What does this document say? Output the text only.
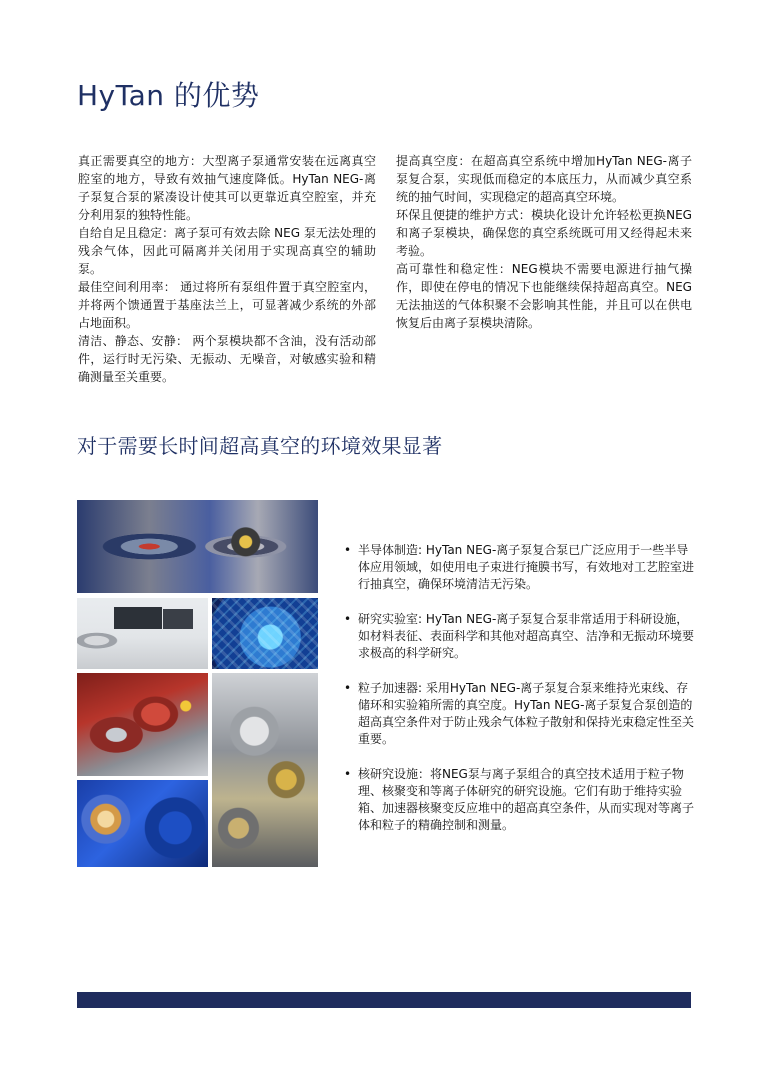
HyTan 的优势

真正需要真空的地方：大型离子泵通常安装在远离真空腔室的地方，导致有效抽气速度降低。HyTan NEG-离子泵复合泵的紧凑设计使其可以更靠近真空腔室，并充分利用泵的独特性能。

自给自足且稳定：离子泵可有效去除 NEG 泵无法处理的残余气体，因此可隔离并关闭用于实现高真空的辅助泵。

最佳空间利用率： 通过将所有泵组件置于真空腔室内，并将两个馈通置于基座法兰上，可显著减少系统的外部占地面积。

清洁、静态、安静： 两个泵模块都不含油，没有活动部件，运行时无污染、无振动、无噪音，对敏感实验和精确测量至关重要。

提高真空度：在超高真空系统中增加HyTan NEG-离子泵复合泵，实现低而稳定的本底压力，从而减少真空系统的抽气时间，实现稳定的超高真空环境。

环保且便捷的维护方式：模块化设计允许轻松更换NEG和离子泵模块，确保您的真空系统既可用又经得起未来考验。

高可靠性和稳定性：NEG模块不需要电源进行抽气操作，即使在停电的情况下也能继续保持超高真空。NEG无法抽送的气体积聚不会影响其性能，并且可以在供电恢复后由离子泵模块清除。

对于需要长时间超高真空的环境效果显著
• 半导体制造: HyTan NEG-离子泵复合泵已广泛应用于一些半导体应用领域，如使用电子束进行掩膜书写，有效地对工艺腔室进行抽真空，确保环境清洁无污染。
• 研究实验室: HyTan NEG-离子泵复合泵非常适用于科研设施，如材料表征、表面科学和其他对超高真空、洁净和无振动环境要求极高的科学研究。
• 粒子加速器: 采用HyTan NEG-离子泵复合泵来维持光束线、存储环和实验箱所需的真空度。HyTan NEG-离子泵复合泵创造的超高真空条件对于防止残余气体粒子散射和保持光束稳定性至关重要。
• 核研究设施：将NEG泵与离子泵组合的真空技术适用于粒子物理、核聚变和等离子体研究的研究设施。它们有助于维持实验箱、加速器核聚变反应堆中的超高真空条件，从而实现对等离子体和粒子的精确控制和测量。
